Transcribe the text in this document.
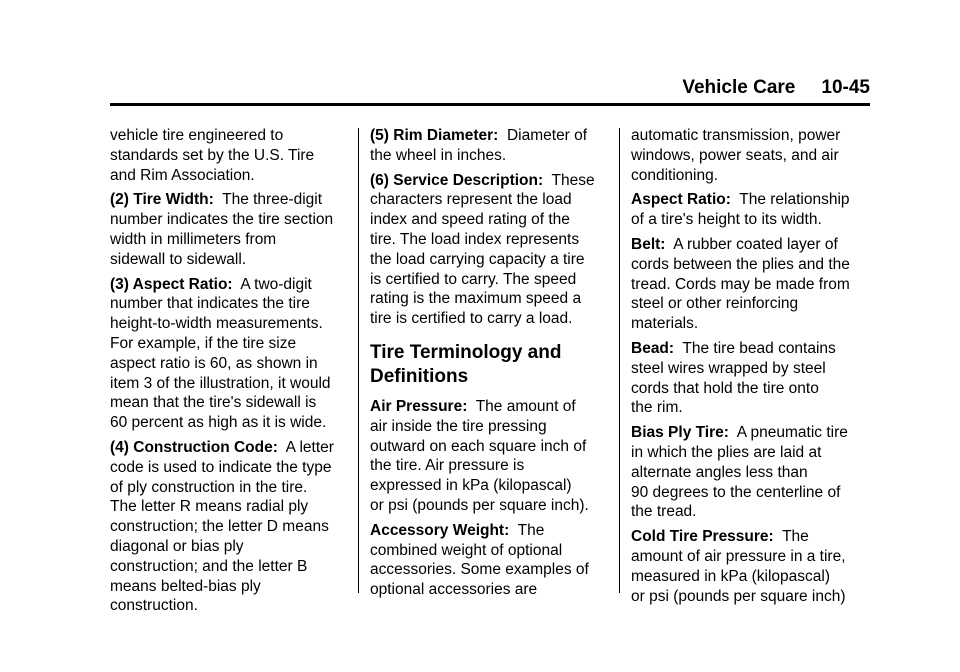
Vehicle Care 10-45

vehicle tire engineered to
standards set by the U.S. Tire
and Rim Association.

(2) Tire Width: The three-digit
number indicates the tire section
width in millimeters from
sidewall to sidewall.

(3) Aspect Ratio: A two-digit
number that indicates the tire
height-to-width measurements.
For example, if the tire size
aspect ratio is 60, as shown in
item 3 of the illustration, it would
mean that the tire's sidewall is
60 percent as high as it is wide.

(4) Construction Code: A letter
code is used to indicate the type
of ply construction in the tire.
The letter R means radial ply
construction; the letter D means
diagonal or bias ply
construction; and the letter B
means belted-bias ply
construction.

(5) Rim Diameter: Diameter of
the wheel in inches.

(6) Service Description: These
characters represent the load
index and speed rating of the
tire. The load index represents
the load carrying capacity a tire
is certified to carry. The speed
rating is the maximum speed a
tire is certified to carry a load.

Tire Terminology and
Definitions

Air Pressure: The amount of
air inside the tire pressing
outward on each square inch of
the tire. Air pressure is
expressed in kPa (kilopascal)
or psi (pounds per square inch).

Accessory Weight: The
combined weight of optional
accessories. Some examples of
optional accessories are

automatic transmission, power
windows, power seats, and air
conditioning.

Aspect Ratio: The relationship
of a tire's height to its width.

Belt: A rubber coated layer of
cords between the plies and the
tread. Cords may be made from
steel or other reinforcing
materials.

Bead: The tire bead contains
steel wires wrapped by steel
cords that hold the tire onto
the rim.

Bias Ply Tire: A pneumatic tire
in which the plies are laid at
alternate angles less than
90 degrees to the centerline of
the tread.

Cold Tire Pressure: The
amount of air pressure in a tire,
measured in kPa (kilopascal)
or psi (pounds per square inch)
